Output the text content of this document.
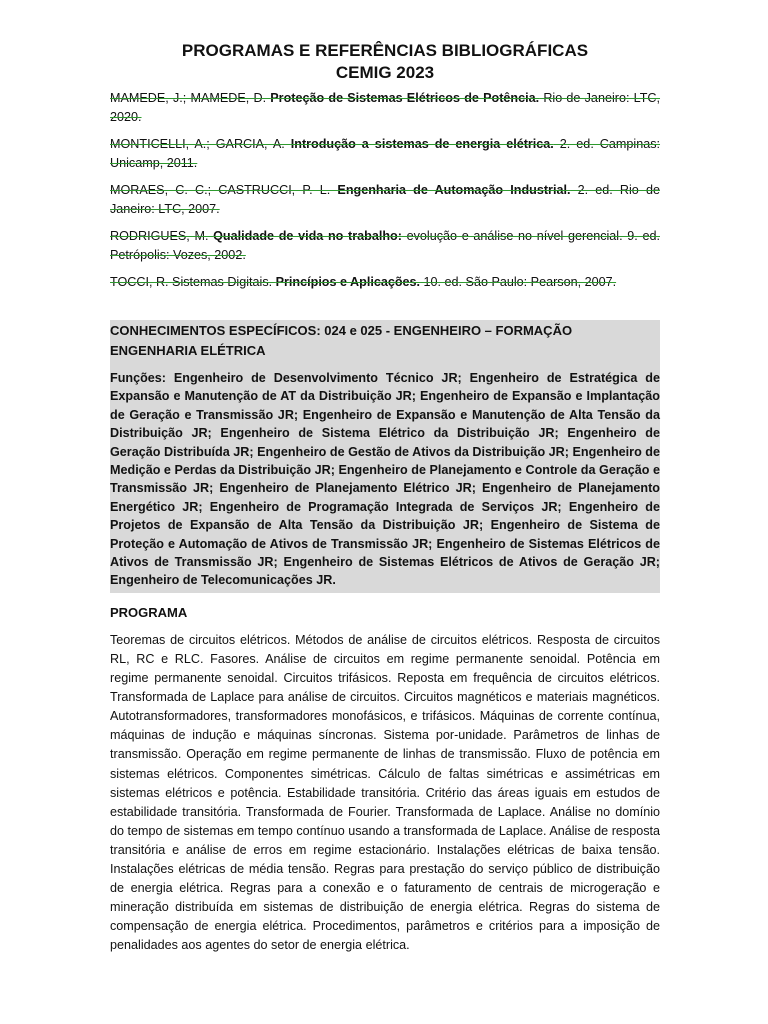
PROGRAMAS E REFERÊNCIAS BIBLIOGRÁFICAS
CEMIG 2023

MAMEDE, J.; MAMEDE, D. Proteção de Sistemas Elétricos de Potência. Rio de Janeiro: LTC, 2020.

MONTICELLI, A.; GARCIA, A. Introdução a sistemas de energia elétrica. 2. ed. Campinas: Unicamp, 2011.

MORAES, C. C.; CASTRUCCI, P. L. Engenharia de Automação Industrial. 2. ed. Rio de Janeiro: LTC, 2007.

RODRIGUES, M. Qualidade de vida no trabalho: evolução e análise no nível gerencial. 9. ed. Petrópolis: Vozes, 2002.

TOCCI, R. Sistemas Digitais. Princípios e Aplicações. 10. ed. São Paulo: Pearson, 2007.

CONHECIMENTOS ESPECÍFICOS: 024 e 025 - ENGENHEIRO – FORMAÇÃO ENGENHARIA ELÉTRICA

Funções: Engenheiro de Desenvolvimento Técnico JR; Engenheiro de Estratégica de Expansão e Manutenção de AT da Distribuição JR; Engenheiro de Expansão e Implantação de Geração e Transmissão JR; Engenheiro de Expansão e Manutenção de Alta Tensão da Distribuição JR; Engenheiro de Sistema Elétrico da Distribuição JR; Engenheiro de Geração Distribuída JR; Engenheiro de Gestão de Ativos da Distribuição JR; Engenheiro de Medição e Perdas da Distribuição JR; Engenheiro de Planejamento e Controle da Geração e Transmissão JR; Engenheiro de Planejamento Elétrico JR; Engenheiro de Planejamento Energético JR; Engenheiro de Programação Integrada de Serviços JR; Engenheiro de Projetos de Expansão de Alta Tensão da Distribuição JR; Engenheiro de Sistema de Proteção e Automação de Ativos de Transmissão JR; Engenheiro de Sistemas Elétricos de Ativos de Transmissão JR; Engenheiro de Sistemas Elétricos de Ativos de Geração JR; Engenheiro de Telecomunicações JR.

PROGRAMA

Teoremas de circuitos elétricos. Métodos de análise de circuitos elétricos. Resposta de circuitos RL, RC e RLC. Fasores. Análise de circuitos em regime permanente senoidal. Potência em regime permanente senoidal. Circuitos trifásicos. Reposta em frequência de circuitos elétricos. Transformada de Laplace para análise de circuitos. Circuitos magnéticos e materiais magnéticos. Autotransformadores, transformadores monofásicos, e trifásicos. Máquinas de corrente contínua, máquinas de indução e máquinas síncronas. Sistema por-unidade. Parâmetros de linhas de transmissão. Operação em regime permanente de linhas de transmissão. Fluxo de potência em sistemas elétricos. Componentes simétricas. Cálculo de faltas simétricas e assimétricas em sistemas elétricos e potência. Estabilidade transitória. Critério das áreas iguais em estudos de estabilidade transitória. Transformada de Fourier. Transformada de Laplace. Análise no domínio do tempo de sistemas em tempo contínuo usando a transformada de Laplace. Análise de resposta transitória e análise de erros em regime estacionário. Instalações elétricas de baixa tensão. Instalações elétricas de média tensão. Regras para prestação do serviço público de distribuição de energia elétrica. Regras para a conexão e o faturamento de centrais de microgeração e mineração distribuída em sistemas de distribuição de energia elétrica. Regras do sistema de compensação de energia elétrica. Procedimentos, parâmetros e critérios para a imposição de penalidades aos agentes do setor de energia elétrica.
